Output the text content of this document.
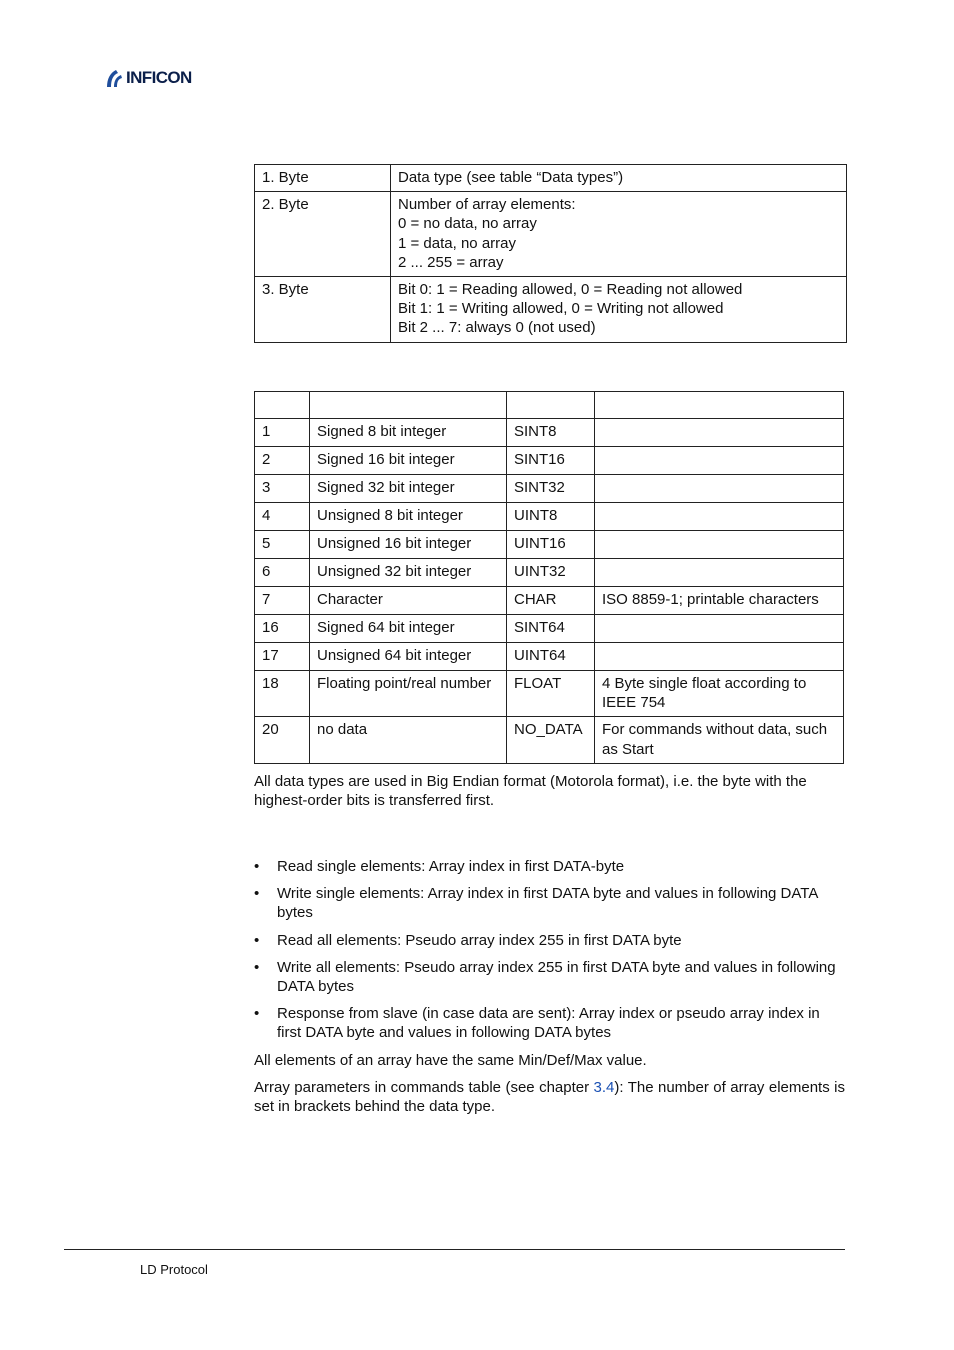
INFICON
1. Byte	Data type (see table “Data types”)

2. Byte	Number of array elements:
0 = no data, no array
1 = data, no array
2 ... 255 = array

3. Byte	Bit 0: 1 = Reading allowed, 0 = Reading not allowed
Bit 1: 1 = Writing allowed, 0 = Writing not allowed
Bit 2 ... 7: always 0 (not used)

1	Signed 8 bit integer	SINT8	
2	Signed 16 bit integer	SINT16	
3	Signed 32 bit integer	SINT32	
4	Unsigned 8 bit integer	UINT8	
5	Unsigned 16 bit integer	UINT16	
6	Unsigned 32 bit integer	UINT32	
7	Character	CHAR	ISO 8859-1; printable characters
16	Signed 64 bit integer	SINT64	
17	Unsigned 64 bit integer	UINT64	
18	Floating point/real number	FLOAT	4 Byte single float according to IEEE 754
20	no data	NO_DATA	For commands without data, such as Start
All data types are used in Big Endian format (Motorola format), i.e. the byte with the highest-order bits is transferred first.
• Read single elements: Array index in first DATA-byte
• Write single elements: Array index in first DATA byte and values in following DATA bytes
• Read all elements: Pseudo array index 255 in first DATA byte
• Write all elements: Pseudo array index 255 in first DATA byte and values in following DATA bytes
• Response from slave (in case data are sent): Array index or pseudo array index in first DATA byte and values in following DATA bytes
All elements of an array have the same Min/Def/Max value.
Array parameters in commands table (see chapter 3.4): The number of array elements is set in brackets behind the data type.
LD Protocol
